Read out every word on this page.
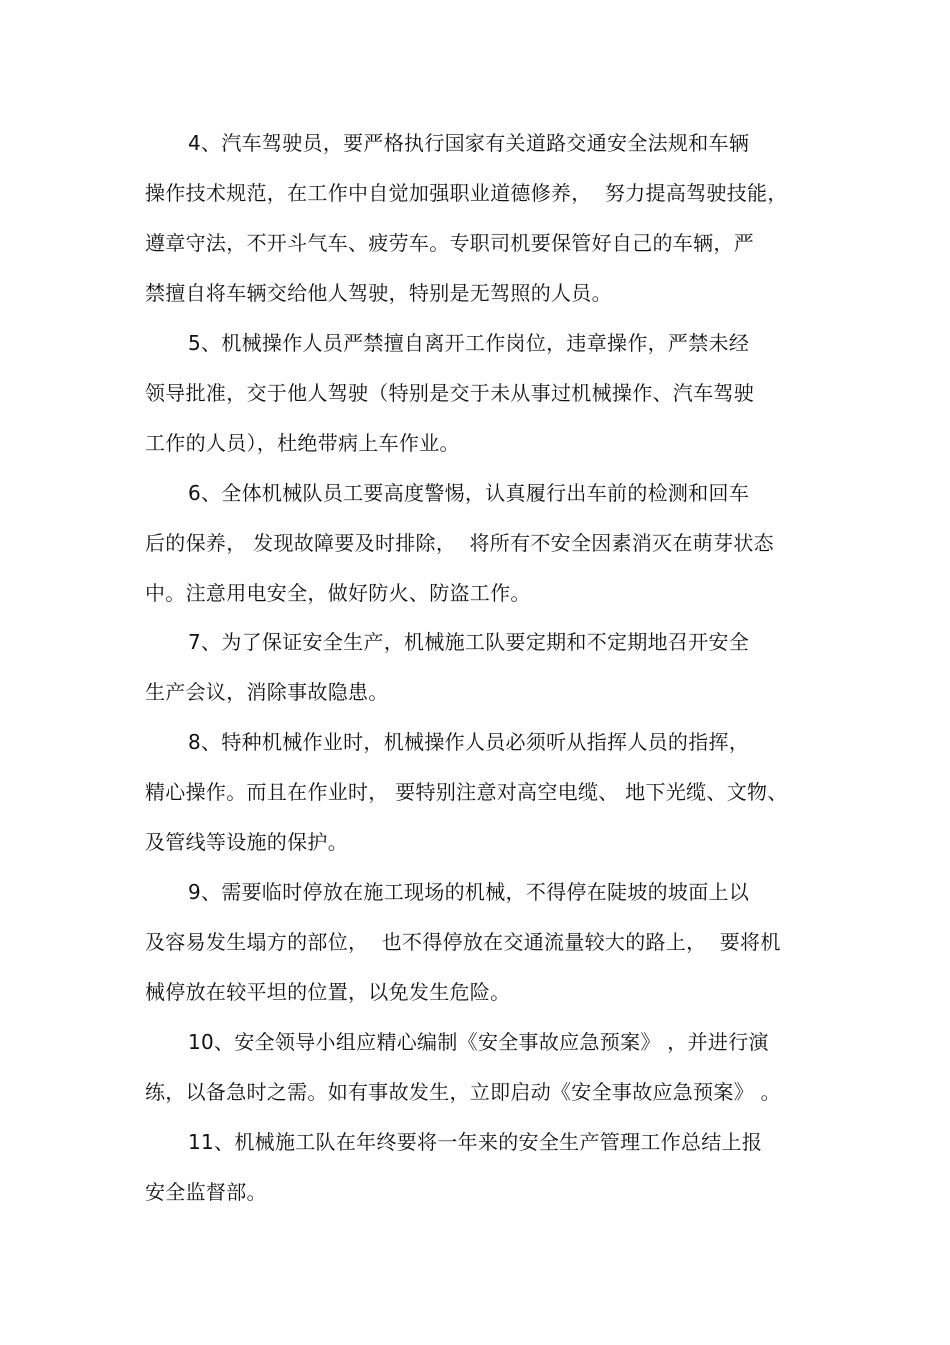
4、汽车驾驶员，要严格执行国家有关道路交通安全法规和车辆
操作技术规范，在工作中自觉加强职业道德修养，  努力提高驾驶技能，
遵章守法，不开斗气车、疲劳车。专职司机要保管好自己的车辆，严
禁擅自将车辆交给他人驾驶，特别是无驾照的人员。
5、机械操作人员严禁擅自离开工作岗位，违章操作，严禁未经
领导批准，交于他人驾驶（特别是交于未从事过机械操作、汽车驾驶
工作的人员），杜绝带病上车作业。
6、全体机械队员工要高度警惕，认真履行出车前的检测和回车
后的保养， 发现故障要及时排除，  将所有不安全因素消灭在萌芽状态
中。注意用电安全，做好防火、防盗工作。
7、为了保证安全生产，机械施工队要定期和不定期地召开安全
生产会议，消除事故隐患。
8、特种机械作业时，机械操作人员必须听从指挥人员的指挥，
精心操作。而且在作业时， 要特别注意对高空电缆、 地下光缆、文物、
及管线等设施的保护。
9、需要临时停放在施工现场的机械，不得停在陡坡的坡面上以
及容易发生塌方的部位，  也不得停放在交通流量较大的路上，  要将机
械停放在较平坦的位置，以免发生危险。
10、安全领导小组应精心编制《安全事故应急预案》 ，并进行演
练，以备急时之需。如有事故发生，立即启动《安全事故应急预案》 。
11、机械施工队在年终要将一年来的安全生产管理工作总结上报
安全监督部。
